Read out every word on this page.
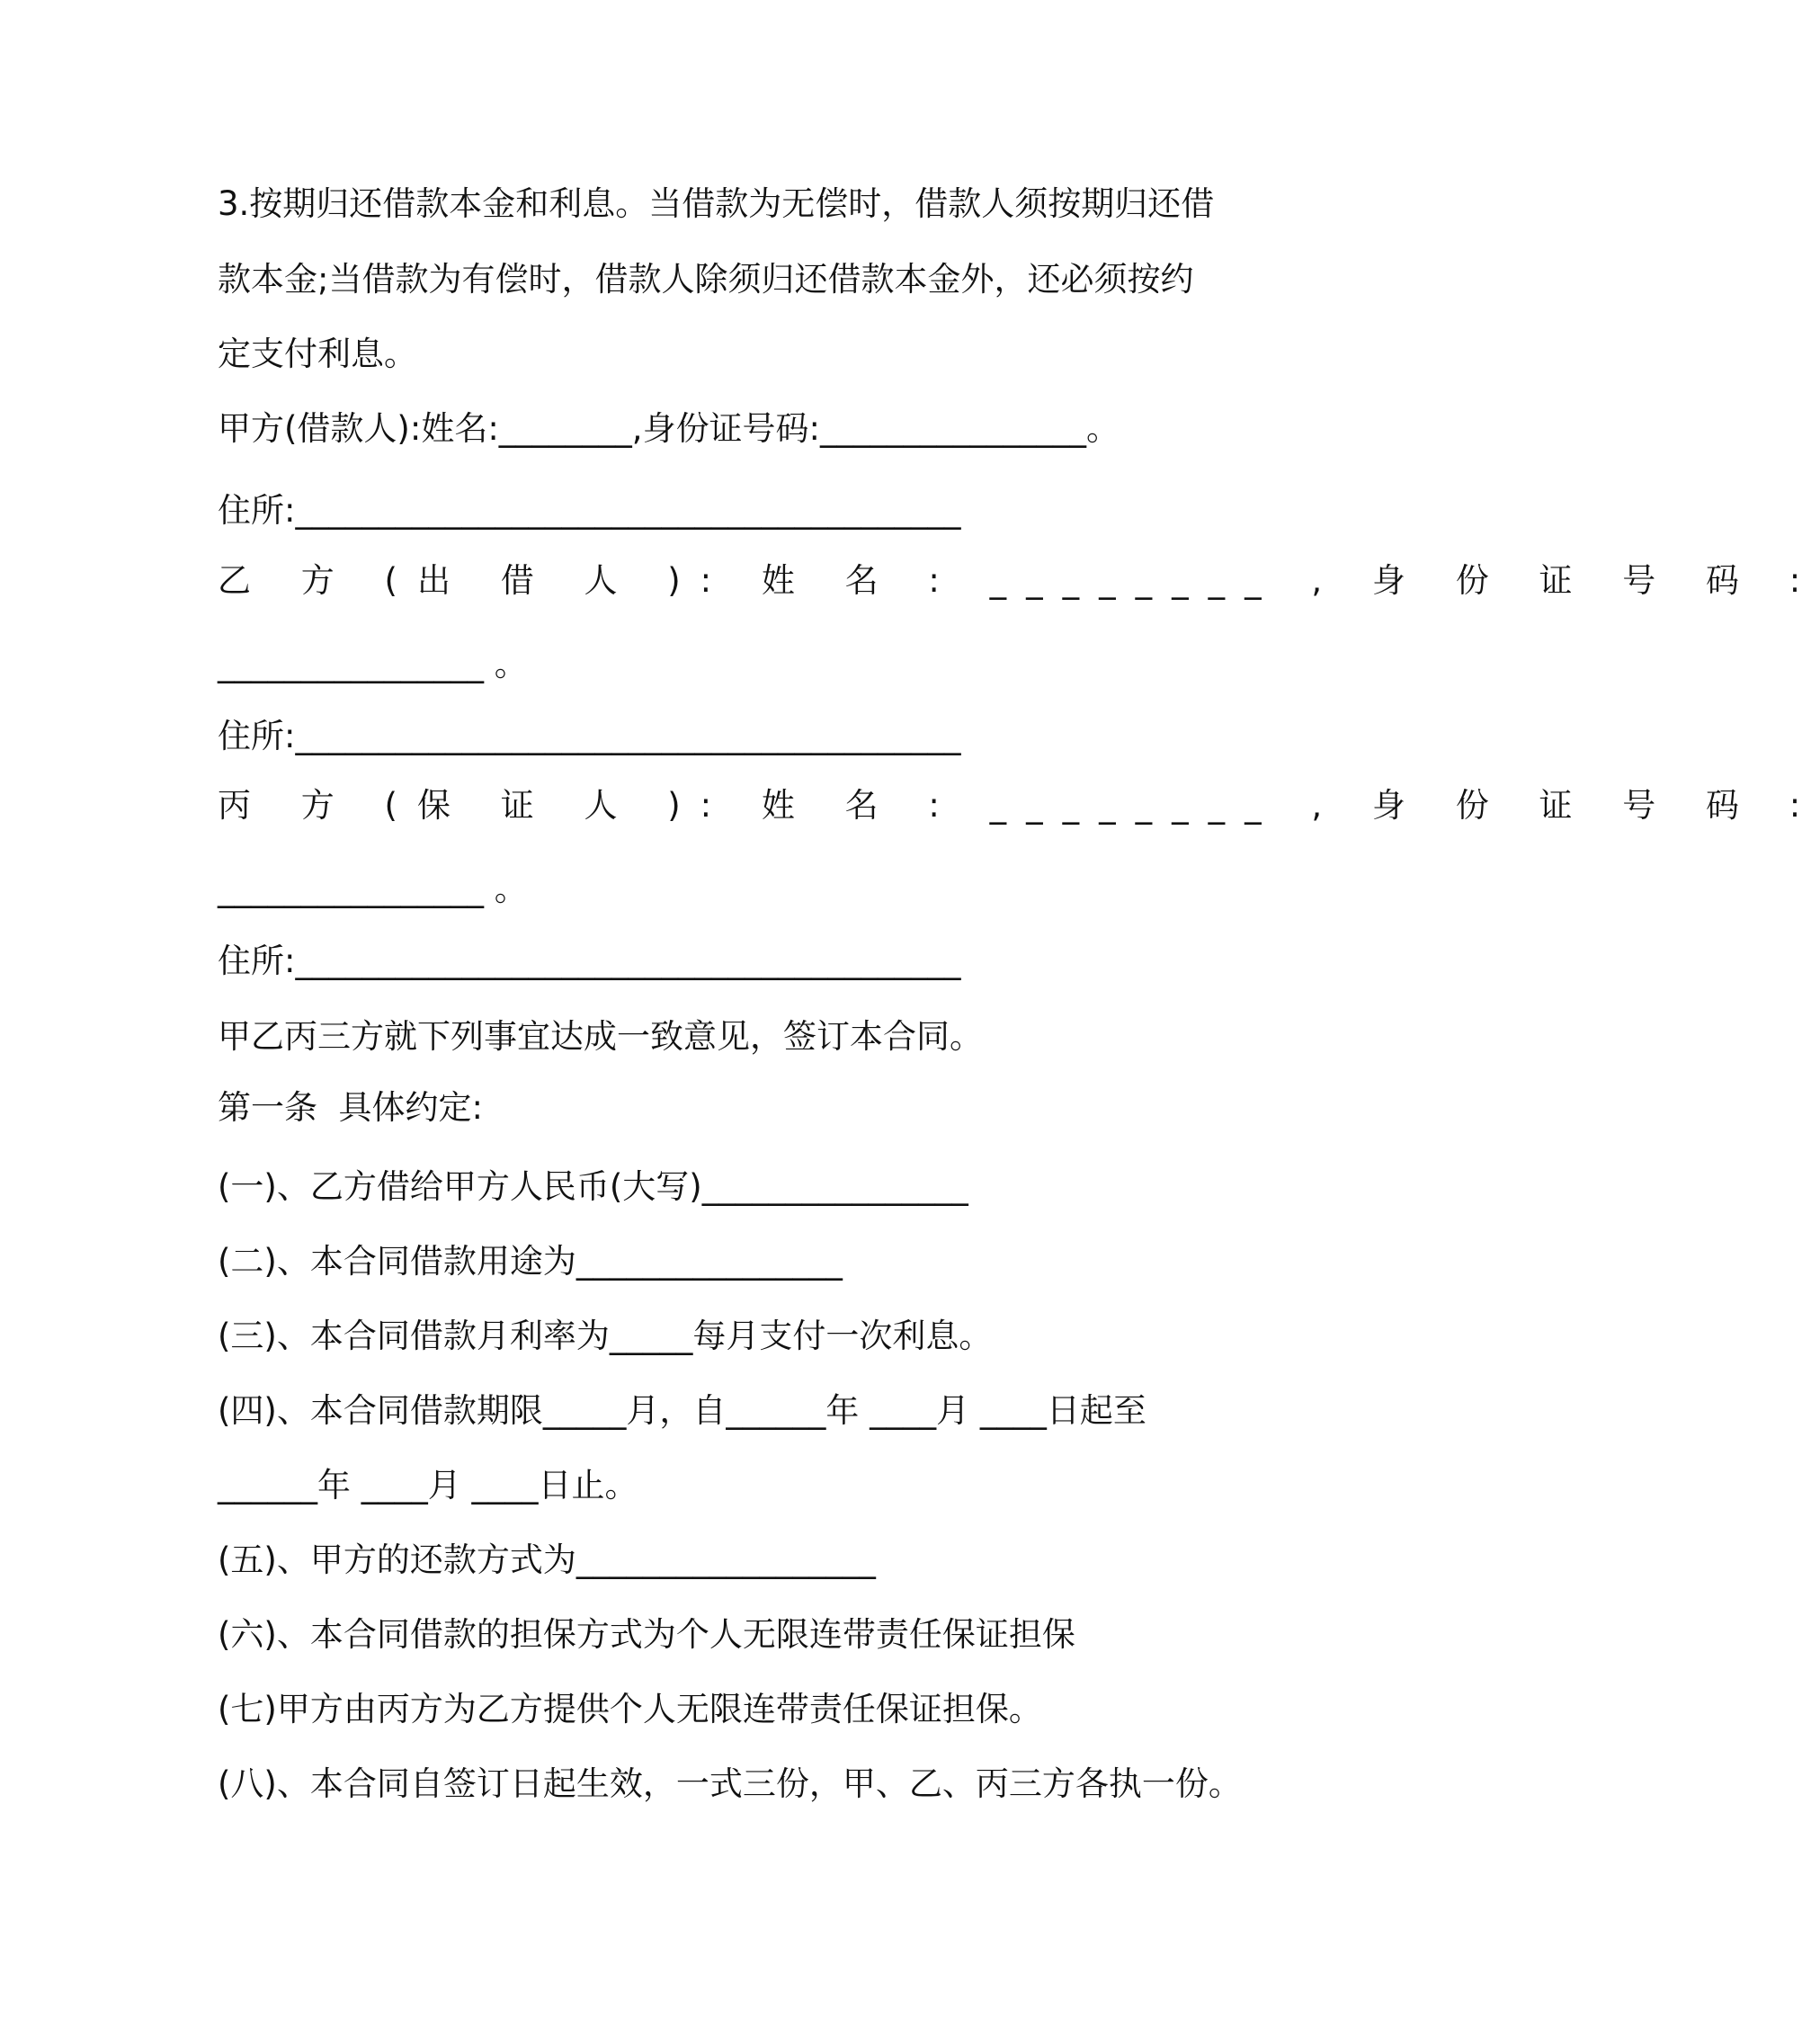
3.按期归还借款本金和利息。当借款为无偿时，借款人须按期归还借
款本金;当借款为有偿时，借款人除须归还借款本金外，还必须按约
定支付利息。
甲方(借款人):姓名:________,身份证号码:________________。
住所:________________________________________
乙 方 (出 借 人 ): 姓 名 : ________ , 身 份 证 号 码 :
________________ 。
住所:________________________________________
丙 方 (保 证 人 ): 姓 名 : ________ , 身 份 证 号 码 :
________________ 。
住所:________________________________________
甲乙丙三方就下列事宜达成一致意见，签订本合同。
第一条  具体约定:
(一)、乙方借给甲方人民币(大写)________________
(二)、本合同借款用途为________________
(三)、本合同借款月利率为_____每月支付一次利息。
(四)、本合同借款期限_____月，自______年 ____月 ____日起至
______年 ____月 ____日止。
(五)、甲方的还款方式为__________________
(六)、本合同借款的担保方式为个人无限连带责任保证担保
(七)甲方由丙方为乙方提供个人无限连带责任保证担保。
(八)、本合同自签订日起生效，一式三份，甲、乙、丙三方各执一份。
